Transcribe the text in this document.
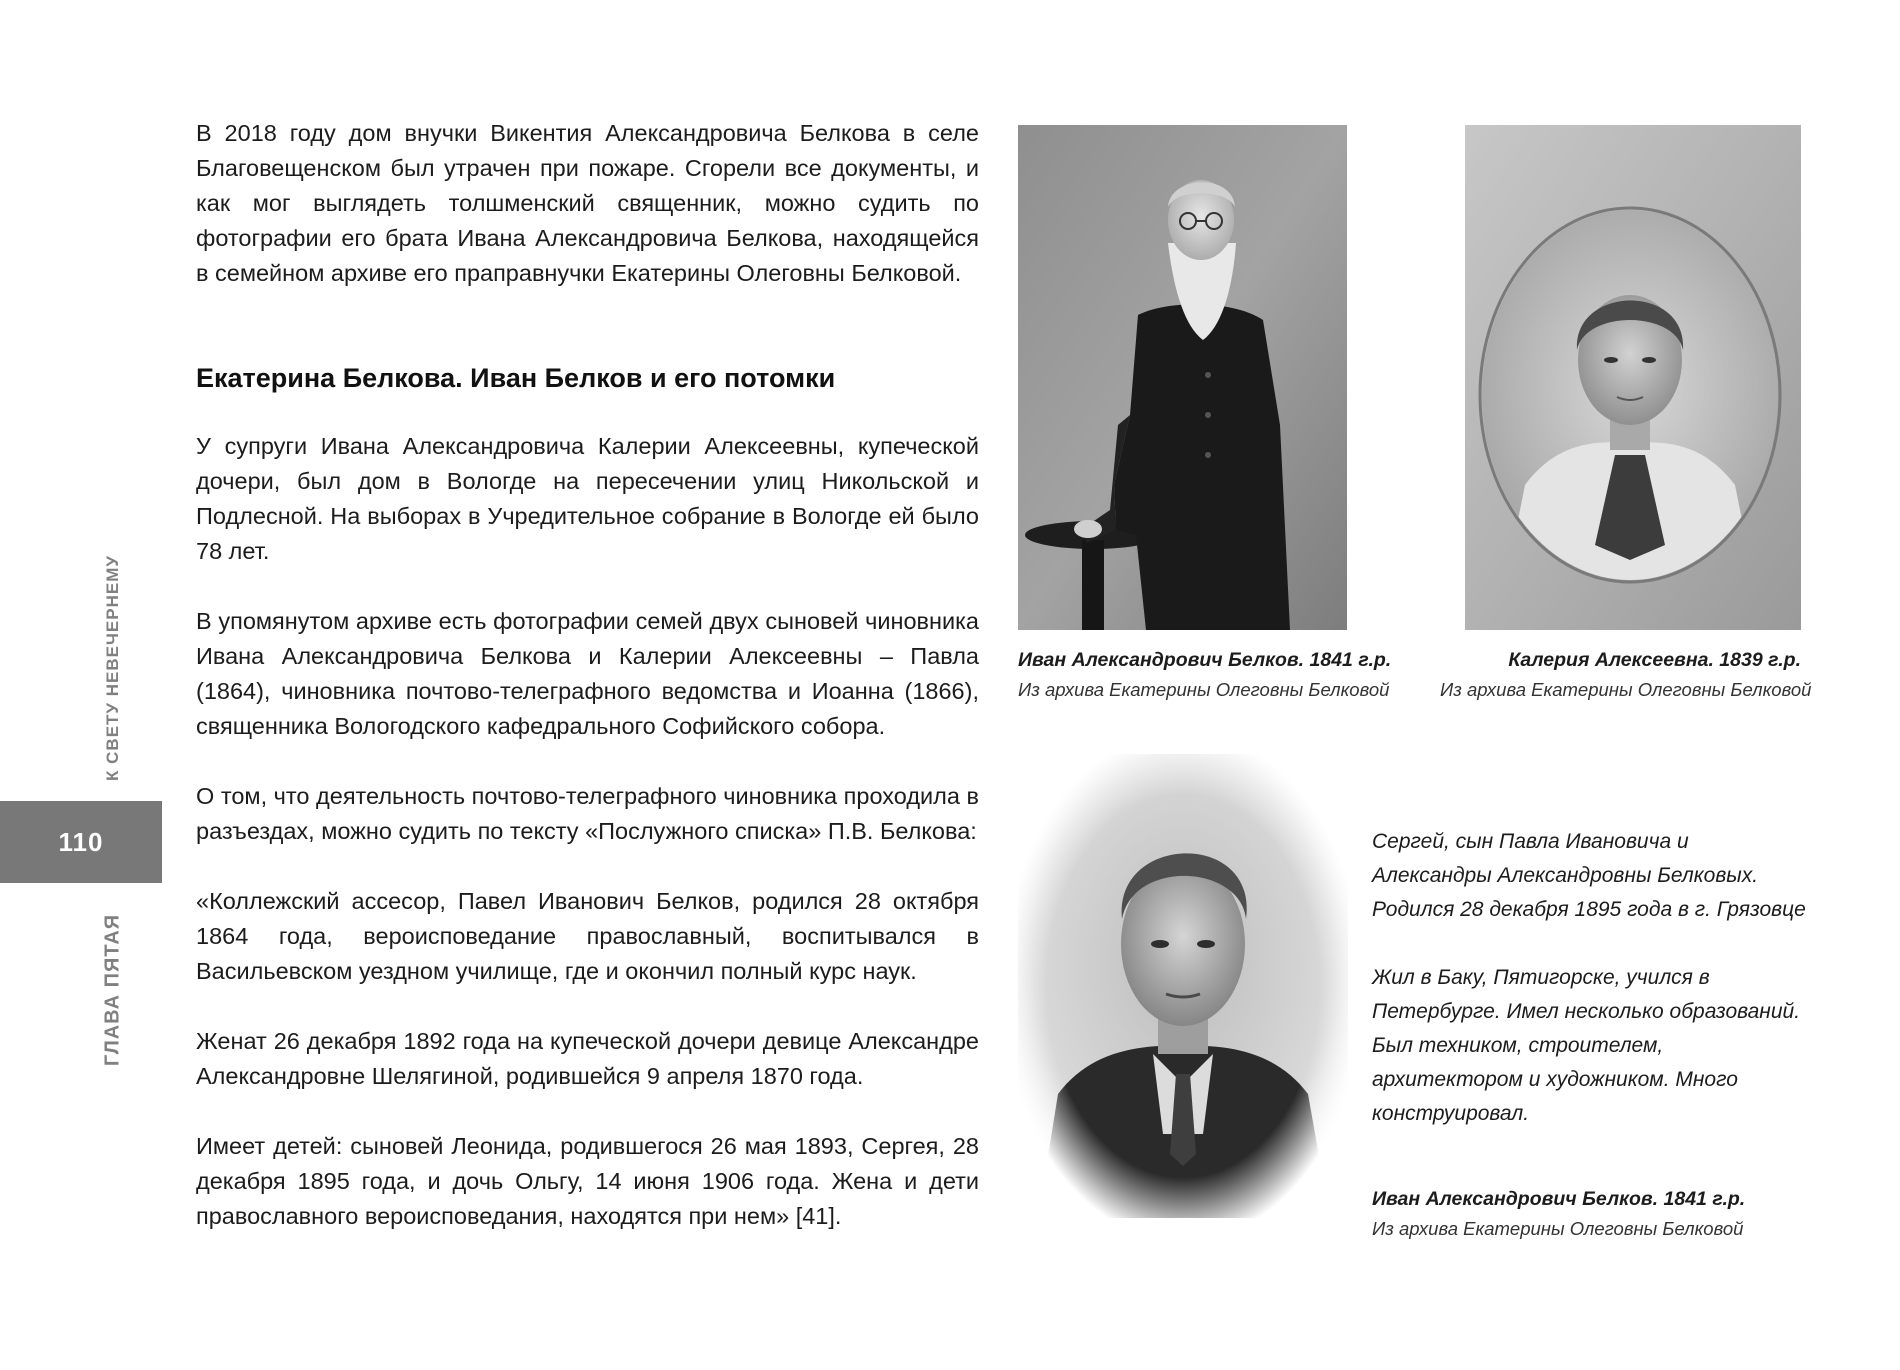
К СВЕТУ НЕВЕЧЕРНЕМУ
110
ГЛАВА ПЯТАЯ

В 2018 году дом внучки Викентия Александровича Белкова в селе Благовещенском был утрачен при пожаре. Сгорели все документы, и как мог выглядеть толшменский священник, можно судить по фотографии его брата Ивана Александровича Белкова, находящейся в семейном архиве его праправнучки Екатерины Олеговны Белковой.

Екатерина Белкова. Иван Белков и его потомки

У супруги Ивана Александровича Калерии Алексеевны, купеческой дочери, был дом в Вологде на пересечении улиц Никольской и Подлесной. На выборах в Учредительное собрание в Вологде ей было 78 лет.

В упомянутом архиве есть фотографии семей двух сыновей чиновника Ивана Александровича Белкова и Калерии Алексеевны – Павла (1864), чиновника почтово-телеграфного ведомства и Иоанна (1866), священника Вологодского кафедрального Софийского собора.

О том, что деятельность почтово-телеграфного чиновника проходила в разъездах, можно судить по тексту «Послужного списка» П.В. Белкова:

«Коллежский ассесор, Павел Иванович Белков, родился 28 октября 1864 года, вероисповедание православный, воспитывался в Васильевском уездном училище, где и окончил полный курс наук.

Женат 26 декабря 1892 года на купеческой дочери девице Александре Александровне Шелягиной, родившейся 9 апреля 1870 года.

Имеет детей: сыновей Леонида, родившегося 26 мая 1893, Сергея, 28 декабря 1895 года, и дочь Ольгу, 14 июня 1906 года. Жена и дети православного вероисповедания, находятся при нем» [41].

Иван Александрович Белков. 1841 г.р.
Из архива Екатерины Олеговны Белковой
Калерия Алексеевна. 1839 г.р.
Из архива Екатерины Олеговны Белковой

Сергей, сын Павла Ивановича и Александры Александровны Белковых. Родился 28 декабря 1895 года в г. Грязовце

Жил в Баку, Пятигорске, учился в Петербурге. Имел несколько образований. Был техником, строителем, архитектором и художником. Много конструировал.

Иван Александрович Белков. 1841 г.р.
Из архива Екатерины Олеговны Белковой
